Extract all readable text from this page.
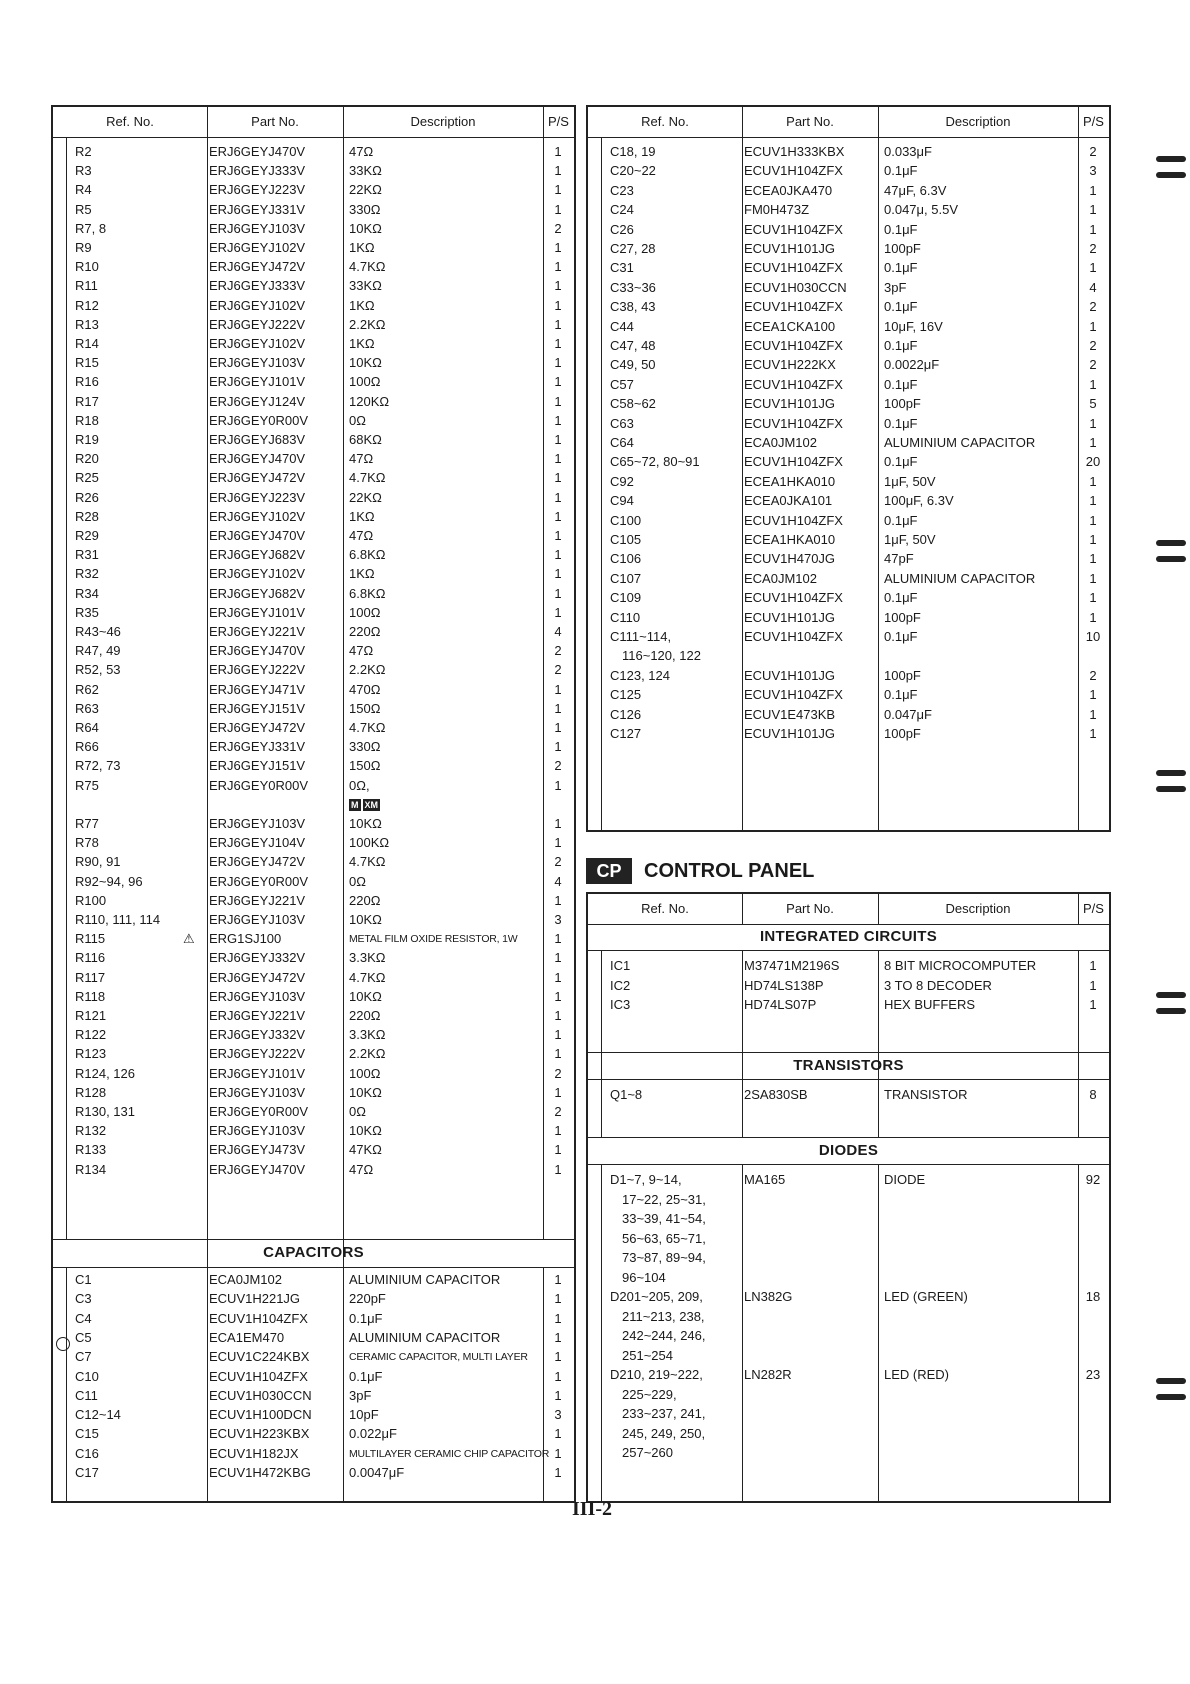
Ref. No.	Part No.	Description	P/S
CAPACITORS
R2	ERJ6GEYJ470V	47Ω	1
R3	ERJ6GEYJ333V	33KΩ	1
R4	ERJ6GEYJ223V	22KΩ	1
R5	ERJ6GEYJ331V	330Ω	1
R7, 8	ERJ6GEYJ103V	10KΩ	2
R9	ERJ6GEYJ102V	1KΩ	1
R10	ERJ6GEYJ472V	4.7KΩ	1
R11	ERJ6GEYJ333V	33KΩ	1
R12	ERJ6GEYJ102V	1KΩ	1
R13	ERJ6GEYJ222V	2.2KΩ	1
R14	ERJ6GEYJ102V	1KΩ	1
R15	ERJ6GEYJ103V	10KΩ	1
R16	ERJ6GEYJ101V	100Ω	1
R17	ERJ6GEYJ124V	120KΩ	1
R18	ERJ6GEY0R00V	0Ω	1
R19	ERJ6GEYJ683V	68KΩ	1
R20	ERJ6GEYJ470V	47Ω	1
R25	ERJ6GEYJ472V	4.7KΩ	1
R26	ERJ6GEYJ223V	22KΩ	1
R28	ERJ6GEYJ102V	1KΩ	1
R29	ERJ6GEYJ470V	47Ω	1
R31	ERJ6GEYJ682V	6.8KΩ	1
R32	ERJ6GEYJ102V	1KΩ	1
R34	ERJ6GEYJ682V	6.8KΩ	1
R35	ERJ6GEYJ101V	100Ω	1
R43~46	ERJ6GEYJ221V	220Ω	4
R47, 49	ERJ6GEYJ470V	47Ω	2
R52, 53	ERJ6GEYJ222V	2.2KΩ	2
R62	ERJ6GEYJ471V	470Ω	1
R63	ERJ6GEYJ151V	150Ω	1
R64	ERJ6GEYJ472V	4.7KΩ	1
R66	ERJ6GEYJ331V	330Ω	1
R72, 73	ERJ6GEYJ151V	150Ω	2
R75	ERJ6GEY0R00V	0Ω,	1
M XM
R77	ERJ6GEYJ103V	10KΩ	1
R78	ERJ6GEYJ104V	100KΩ	1
R90, 91	ERJ6GEYJ472V	4.7KΩ	2
R92~94, 96	ERJ6GEY0R00V	0Ω	4
R100	ERJ6GEYJ221V	220Ω	1
R110, 111, 114	ERJ6GEYJ103V	10KΩ	3
R115	ERG1SJ100	METAL FILM OXIDE RESISTOR, 1W	1
⚠
R116	ERJ6GEYJ332V	3.3KΩ	1
R117	ERJ6GEYJ472V	4.7KΩ	1
R118	ERJ6GEYJ103V	10KΩ	1
R121	ERJ6GEYJ221V	220Ω	1
R122	ERJ6GEYJ332V	3.3KΩ	1
R123	ERJ6GEYJ222V	2.2KΩ	1
R124, 126	ERJ6GEYJ101V	100Ω	2
R128	ERJ6GEYJ103V	10KΩ	1
R130, 131	ERJ6GEY0R00V	0Ω	2
R132	ERJ6GEYJ103V	10KΩ	1
R133	ERJ6GEYJ473V	47KΩ	1
R134	ERJ6GEYJ470V	47Ω	1
C1	ECA0JM102	ALUMINIUM CAPACITOR	1
C3	ECUV1H221JG	220pF	1
C4	ECUV1H104ZFX	0.1μF	1
C5	ECA1EM470	ALUMINIUM CAPACITOR	1
C7	ECUV1C224KBX	CERAMIC CAPACITOR, MULTI LAYER	1
C10	ECUV1H104ZFX	0.1μF	1
C11	ECUV1H030CCN	3pF	1
C12~14	ECUV1H100DCN	10pF	3
C15	ECUV1H223KBX	0.022μF	1
C16	ECUV1H182JX	MULTILAYER CERAMIC CHIP CAPACITOR 1
C17	ECUV1H472KBG	0.0047μF	1
Ref. No.	Part No.	Description	P/S
C18, 19	ECUV1H333KBX	0.033μF	2
C20~22	ECUV1H104ZFX	0.1μF	3
C23	ECEA0JKA470	47μF, 6.3V	1
C24	FM0H473Z	0.047μ, 5.5V	1
C26	ECUV1H104ZFX	0.1μF	1
C27, 28	ECUV1H101JG	100pF	2
C31	ECUV1H104ZFX	0.1μF	1
C33~36	ECUV1H030CCN	3pF	4
C38, 43	ECUV1H104ZFX	0.1μF	2
C44	ECEA1CKA100	10μF, 16V	1
C47, 48	ECUV1H104ZFX	0.1μF	2
C49, 50	ECUV1H222KX	0.0022μF	2
C57	ECUV1H104ZFX	0.1μF	1
C58~62	ECUV1H101JG	100pF	5
C63	ECUV1H104ZFX	0.1μF	1
C64	ECA0JM102	ALUMINIUM CAPACITOR	1
C65~72, 80~91	ECUV1H104ZFX	0.1μF	20
C92	ECEA1HKA010	1μF, 50V	1
C94	ECEA0JKA101	100μF, 6.3V	1
C100	ECUV1H104ZFX	0.1μF	1
C105	ECEA1HKA010	1μF, 50V	1
C106	ECUV1H470JG	47pF	1
C107	ECA0JM102	ALUMINIUM CAPACITOR	1
C109	ECUV1H104ZFX	0.1μF	1
C110	ECUV1H101JG	100pF	1
C111~114,	ECUV1H104ZFX	0.1μF	10
116~120, 122
C123, 124	ECUV1H101JG	100pF	2
C125	ECUV1H104ZFX	0.1μF	1
C126	ECUV1E473KB	0.047μF	1
C127	ECUV1H101JG	100pF	1
CP	CONTROL PANEL
Ref. No.	Part No.	Description	P/S
INTEGRATED CIRCUITS
TRANSISTORS
DIODES
IC1	M37471M2196S	8 BIT MICROCOMPUTER	1
IC2	HD74LS138P	3 TO 8 DECODER	1
IC3	HD74LS07P	HEX BUFFERS	1
Q1~8	2SA830SB	TRANSISTOR	8
D1~7, 9~14,	MA165	DIODE	92
17~22, 25~31,
33~39, 41~54,
56~63, 65~71,
73~87, 89~94,
96~104
D201~205, 209,	LN382G	LED (GREEN)	18
211~213, 238,
242~244, 246,
251~254
D210, 219~222,	LN282R	LED (RED)	23
225~229,
233~237, 241,
245, 249, 250,
257~260
III-2
